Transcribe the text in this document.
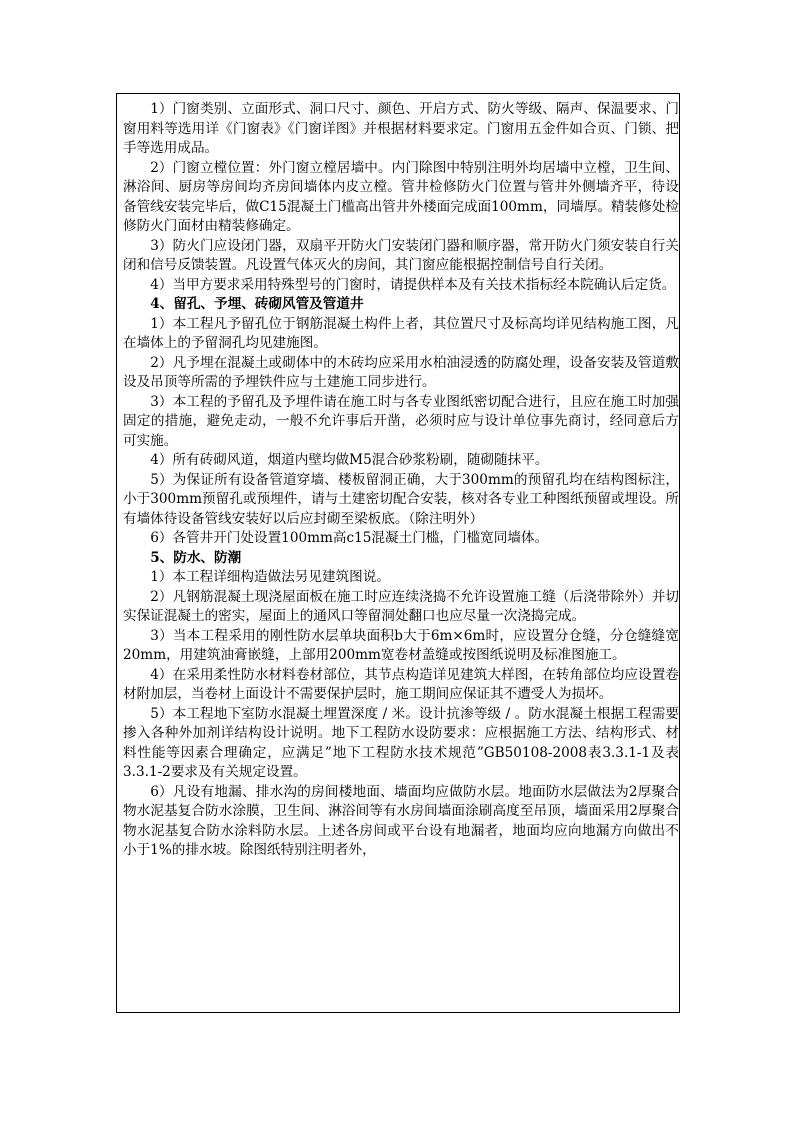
1）门窗类别、立面形式、洞口尺寸、颜色、开启方式、防火等级、隔声、保温要求、门窗用料等选用详《门窗表》《门窗详图》并根据材料要求定。门窗用五金件如合页、门锁、把手等选用成品。

2）门窗立樘位置：外门窗立樘居墙中。内门除图中特别注明外均居墙中立樘，卫生间、淋浴间、厨房等房间均齐房间墙体内皮立樘。管井检修防火门位置与管井外侧墙齐平，待设备管线安装完毕后，做C15混凝土门槛高出管井外楼面完成面100mm，同墙厚。精装修处检修防火门面材由精装修确定。

3）防火门应设闭门器，双扇平开防火门安装闭门器和顺序器，常开防火门须安装自行关闭和信号反馈装置。凡设置气体灭火的房间，其门窗应能根据控制信号自行关闭。

4）当甲方要求采用特殊型号的门窗时，请提供样本及有关技术指标经本院确认后定货。

4、留孔、予埋、砖砌风管及管道井

1）本工程凡予留孔位于钢筋混凝土构件上者，其位置尺寸及标高均详见结构施工图，凡在墙体上的予留洞孔均见建施图。

2）凡予埋在混凝土或砌体中的木砖均应采用水柏油浸透的防腐处理，设备安装及管道敷设及吊顶等所需的予埋铁件应与土建施工同步进行。

3）本工程的予留孔及予埋件请在施工时与各专业图纸密切配合进行，且应在施工时加强固定的措施，避免走动，一般不允许事后开凿，必须时应与设计单位事先商讨，经同意后方可实施。

4）所有砖砌风道，烟道内壁均做M5混合砂浆粉刷，随砌随抹平。

5）为保证所有设备管道穿墙、楼板留洞正确，大于300mm的预留孔均在结构图标注，小于300mm预留孔或预埋件，请与土建密切配合安装，核对各专业工种图纸预留或埋设。所有墙体待设备管线安装好以后应封砌至梁板底。（除注明外）

6）各管井开门处设置100mm高c15混凝土门槛，门槛宽同墙体。

5、防水、防潮

1）本工程详细构造做法另见建筑图说。

2）凡钢筋混凝土现浇屋面板在施工时应连续浇捣不允许设置施工缝（后浇带除外）并切实保证混凝土的密实，屋面上的通风口等留洞处翻口也应尽量一次浇捣完成。

3）当本工程采用的刚性防水层单块面积b大于6m×6m时，应设置分仓缝，分仓缝缝宽20mm，用建筑油膏嵌缝，上部用200mm宽卷材盖缝或按图纸说明及标准图施工。

4）在采用柔性防水材料卷材部位，其节点构造详见建筑大样图，在转角部位均应设置卷材附加层，当卷材上面设计不需要保护层时，施工期间应保证其不遭受人为损坏。

5）本工程地下室防水混凝土埋置深度 / 米。设计抗渗等级 / 。防水混凝土根据工程需要掺入各种外加剂详结构设计说明。地下工程防水设防要求：应根据施工方法、结构形式、材料性能等因素合理确定，应满足”地下工程防水技术规范”GB50108-2008表3.3.1-1及表3.3.1-2要求及有关规定设置。

6）凡设有地漏、排水沟的房间楼地面、墙面均应做防水层。地面防水层做法为2厚聚合物水泥基复合防水涂膜，卫生间、淋浴间等有水房间墙面涂刷高度至吊顶，墙面采用2厚聚合物水泥基复合防水涂料防水层。上述各房间或平台设有地漏者，地面均应向地漏方向做出不小于1%的排水坡。除图纸特别注明者外，
